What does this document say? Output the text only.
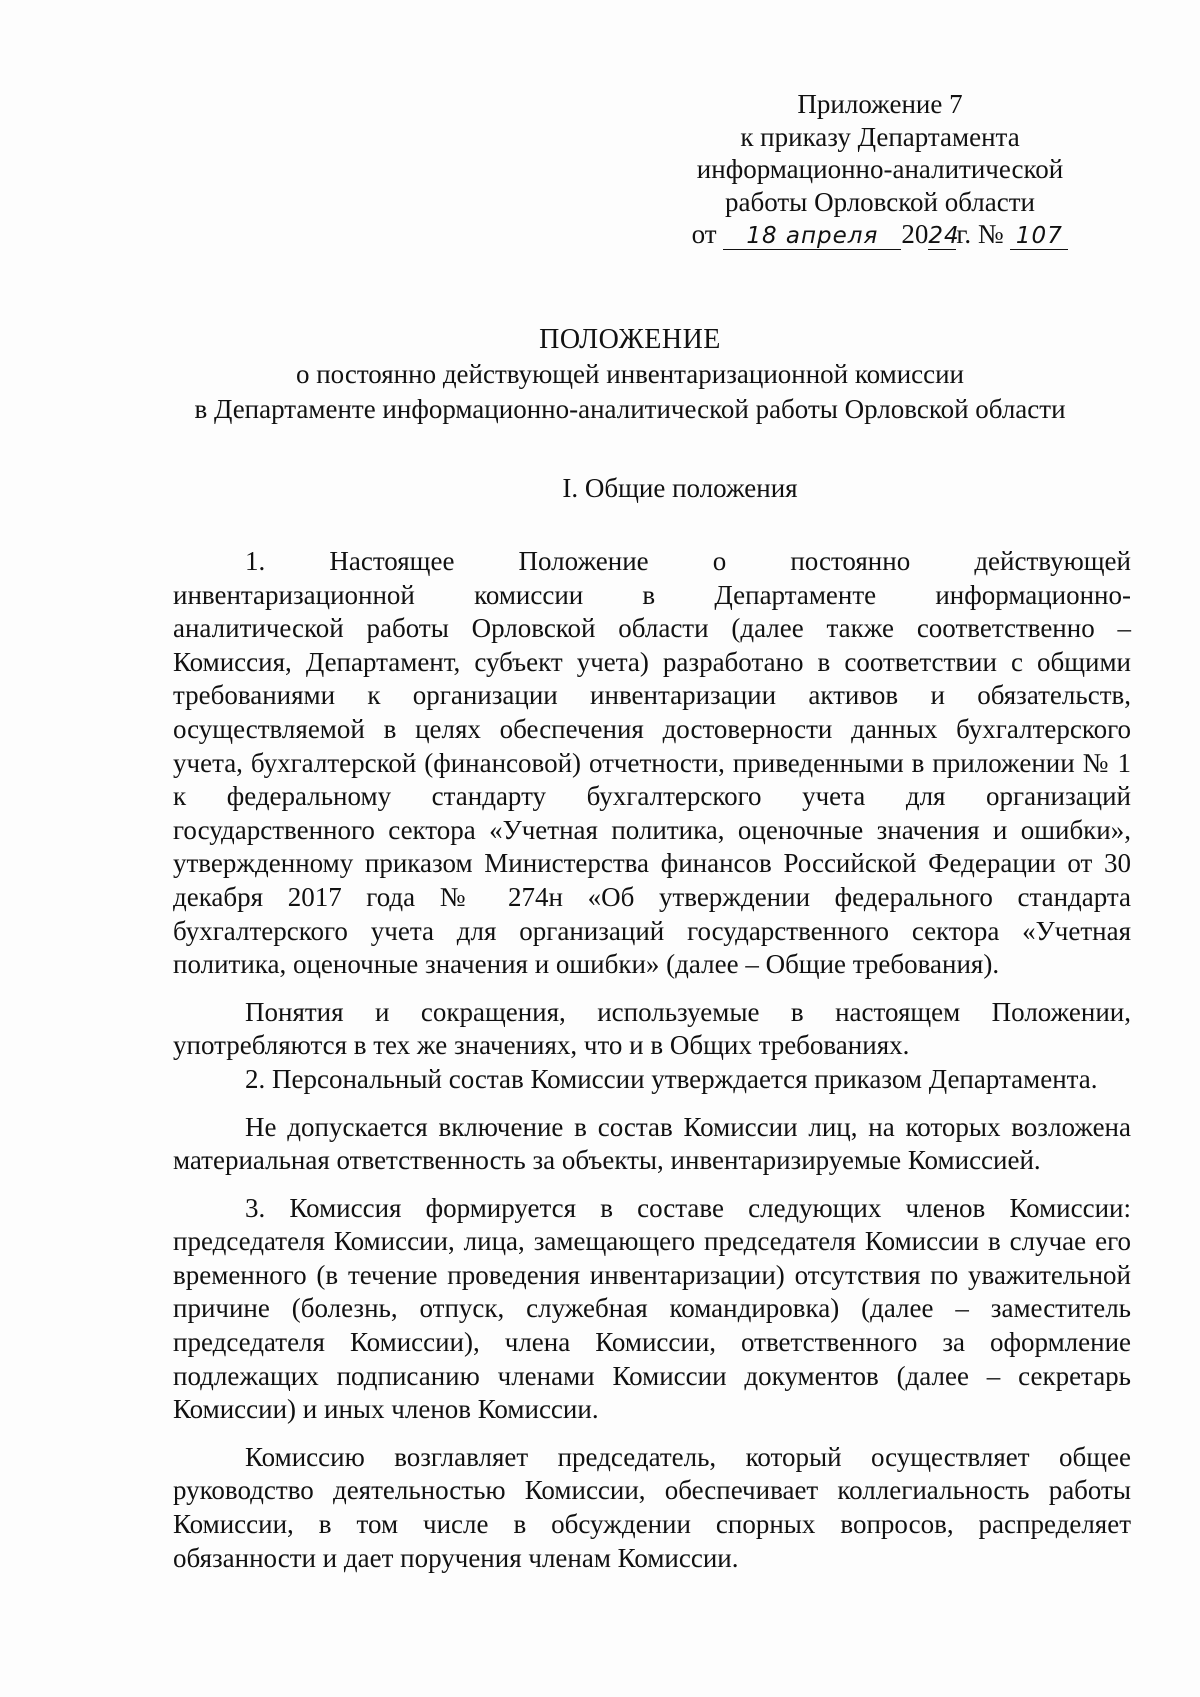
Приложение 7
к приказу Департамента
информационно-аналитической
работы Орловской области
от 18 апреля 2024г. № 107
ПОЛОЖЕНИЕ
о постоянно действующей инвентаризационной комиссии
в Департаменте информационно-аналитической работы Орловской области
I. Общие положения
1. Настоящее Положение о постоянно действующей
инвентаризационной комиссии в Департаменте информационно-
аналитической работы Орловской области (далее также соответственно – Комиссия, Департамент, субъект учета) разработано в соответствии с общими требованиями к организации инвентаризации активов и обязательств, осуществляемой в целях обеспечения достоверности данных бухгалтерского учета, бухгалтерской (финансовой) отчетности, приведенными в приложении № 1 к федеральному стандарту бухгалтерского учета для организаций государственного сектора «Учетная политика, оценочные значения и ошибки», утвержденному приказом Министерства финансов Российской Федерации от 30 декабря 2017 года № 274н «Об утверждении федерального стандарта бухгалтерского учета для организаций государственного сектора «Учетная политика, оценочные значения и ошибки» (далее – Общие требования).

Понятия и сокращения, используемые в настоящем Положении, употребляются в тех же значениях, что и в Общих требованиях.

2. Персональный состав Комиссии утверждается приказом Департамента.

Не допускается включение в состав Комиссии лиц, на которых возложена материальная ответственность за объекты, инвентаризируемые Комиссией.

3. Комиссия формируется в составе следующих членов Комиссии: председателя Комиссии, лица, замещающего председателя Комиссии в случае его временного (в течение проведения инвентаризации) отсутствия по уважительной причине (болезнь, отпуск, служебная командировка) (далее – заместитель председателя Комиссии), члена Комиссии, ответственного за оформление подлежащих подписанию членами Комиссии документов (далее – секретарь Комиссии) и иных членов Комиссии.

Комиссию возглавляет председатель, который осуществляет общее руководство деятельностью Комиссии, обеспечивает коллегиальность работы Комиссии, в том числе в обсуждении спорных вопросов, распределяет обязанности и дает поручения членам Комиссии.
